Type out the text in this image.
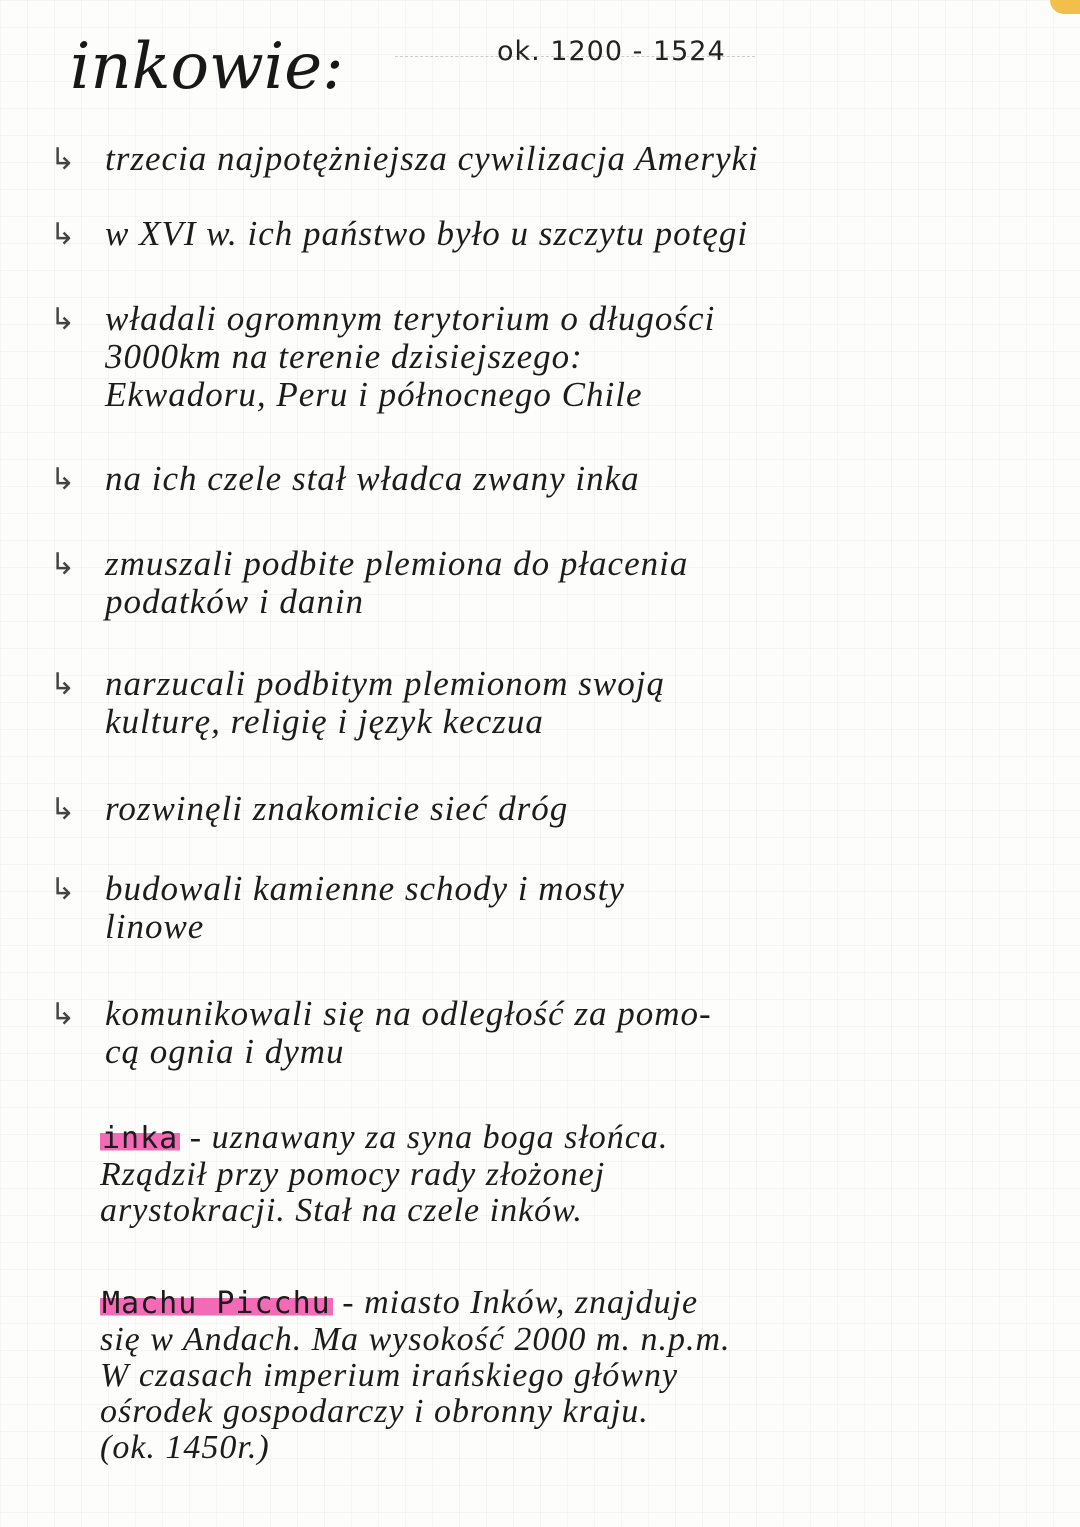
inkowie:	ok. 1200 - 1524
↳ trzecia najpotężniejsza cywilizacja Ameryki
↳ w XVI w. ich państwo było u szczytu potęgi
↳ władali ogromnym terytorium o długości
3000km na terenie dzisiejszego:
Ekwadoru, Peru i północnego Chile
↳ na ich czele stał władca zwany inka
↳ zmuszali podbite plemiona do płacenia
podatków i danin
↳ narzucali podbitym plemionom swoją
kulturę, religię i język keczua
↳ rozwinęli znakomicie sieć dróg
↳ budowali kamienne schody i mosty
linowe
↳ komunikowali się na odległość za pomo-
cą ognia i dymu
inka - uznawany za syna boga słońca.
Rządził przy pomocy rady złożonej
arystokracji. Stał na czele inków.
Machu Picchu - miasto Inków, znajduje
się w Andach. Ma wysokość 2000 m. n.p.m.
W czasach imperium irańskiego główny
ośrodek gospodarczy i obronny kraju.
(ok. 1450r.)
